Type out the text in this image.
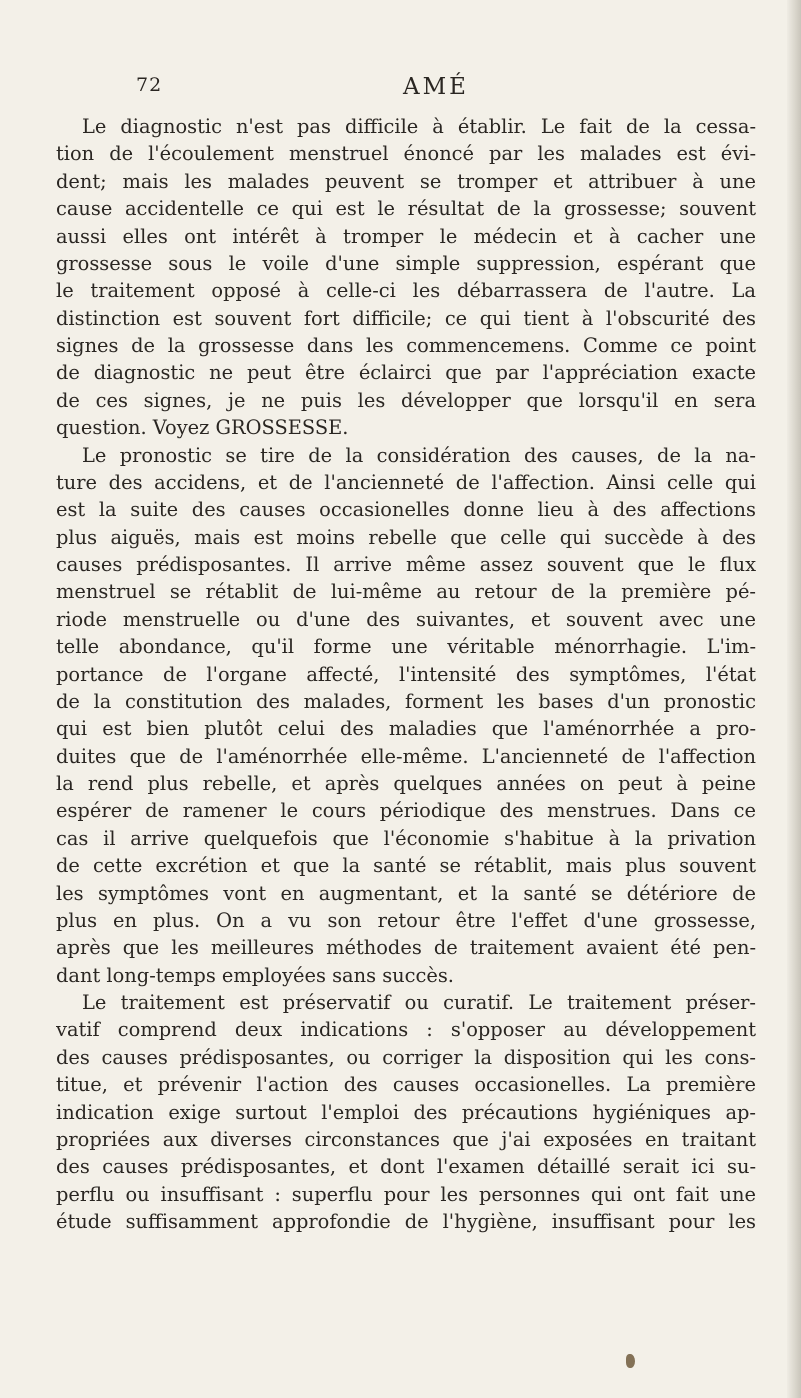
72	AMÉ
Le diagnostic n'est pas difficile à établir. Le fait de la cessa-
tion de l'écoulement menstruel énoncé par les malades est évi-
dent; mais les malades peuvent se tromper et attribuer à une
cause accidentelle ce qui est le résultat de la grossesse; souvent
aussi elles ont intérêt à tromper le médecin et à cacher une
grossesse sous le voile d'une simple suppression, espérant que
le traitement opposé à celle-ci les débarrassera de l'autre. La
distinction est souvent fort difficile; ce qui tient à l'obscurité des
signes de la grossesse dans les commencemens. Comme ce point
de diagnostic ne peut être éclairci que par l'appréciation exacte
de ces signes, je ne puis les développer que lorsqu'il en sera
question. Voyez GROSSESSE.
Le pronostic se tire de la considération des causes, de la na-
ture des accidens, et de l'ancienneté de l'affection. Ainsi celle qui
est la suite des causes occasionelles donne lieu à des affections
plus aiguës, mais est moins rebelle que celle qui succède à des
causes prédisposantes. Il arrive même assez souvent que le flux
menstruel se rétablit de lui-même au retour de la première pé-
riode menstruelle ou d'une des suivantes, et souvent avec une
telle abondance, qu'il forme une véritable ménorrhagie. L'im-
portance de l'organe affecté, l'intensité des symptômes, l'état
de la constitution des malades, forment les bases d'un pronostic
qui est bien plutôt celui des maladies que l'aménorrhée a pro-
duites que de l'aménorrhée elle-même. L'ancienneté de l'affection
la rend plus rebelle, et après quelques années on peut à peine
espérer de ramener le cours périodique des menstrues. Dans ce
cas il arrive quelquefois que l'économie s'habitue à la privation
de cette excrétion et que la santé se rétablit, mais plus souvent
les symptômes vont en augmentant, et la santé se détériore de
plus en plus. On a vu son retour être l'effet d'une grossesse,
après que les meilleures méthodes de traitement avaient été pen-
dant long-temps employées sans succès.
Le traitement est préservatif ou curatif. Le traitement préser-
vatif comprend deux indications : s'opposer au développement
des causes prédisposantes, ou corriger la disposition qui les cons-
titue, et prévenir l'action des causes occasionelles. La première
indication exige surtout l'emploi des précautions hygiéniques ap-
propriées aux diverses circonstances que j'ai exposées en traitant
des causes prédisposantes, et dont l'examen détaillé serait ici su-
perflu ou insuffisant : superflu pour les personnes qui ont fait une
étude suffisamment approfondie de l'hygiène, insuffisant pour les
